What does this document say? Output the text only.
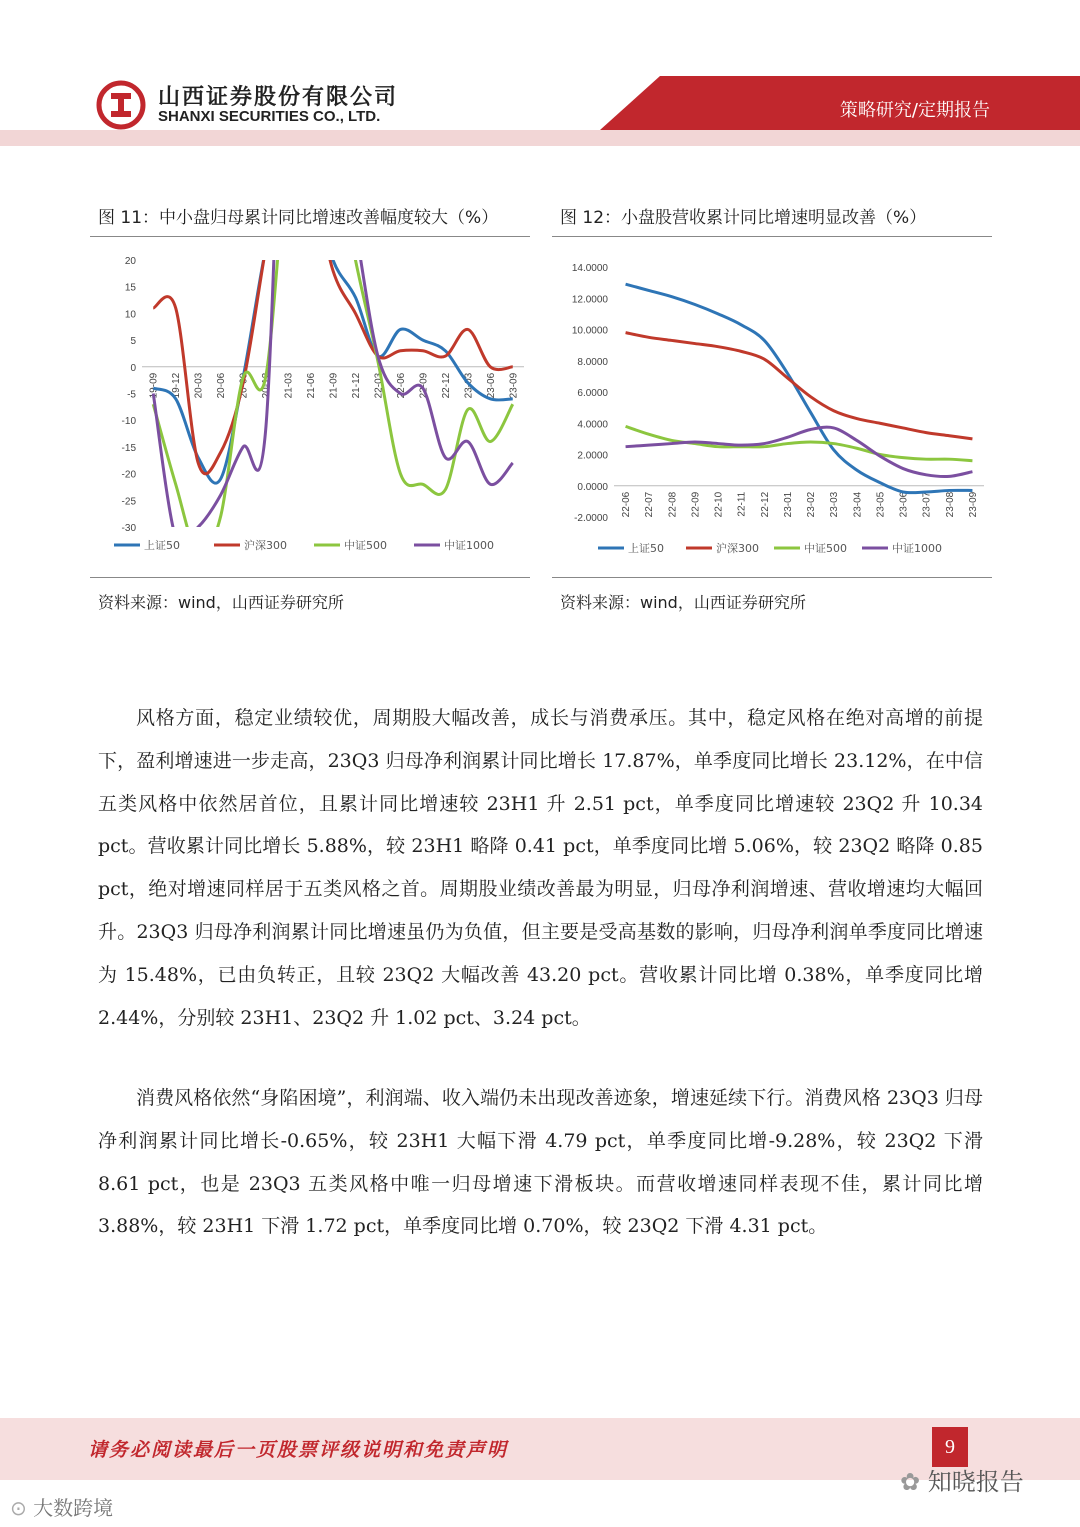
山西证券股份有限公司
SHANXI SECURITIES CO., LTD.	策略研究/定期报告
图 11：中小盘归母累计同比增速改善幅度较大（%）
20
15
10
5
0
-5
-10
-15
-20
-25
-30
19-09 19-12 20-03 20-06 20-09 20-12 21-03 21-06 21-09 21-12 22-03 22-06 22-09 22-12 23-03 23-06 23-09
上证50	沪深300	中证500	中证1000
资料来源：wind，山西证券研究所
图 12：小盘股营收累计同比增速明显改善（%）
14.0000
12.0000
10.0000
8.0000
6.0000
4.0000
2.0000
0.0000
-2.0000
22-06 22-07 22-08 22-09 22-10 22-11 22-12 23-01 23-02 23-03 23-04 23-05 23-06 23-07 23-08 23-09
上证50	沪深300	中证500	中证1000
资料来源：wind，山西证券研究所

风格方面，稳定业绩较优，周期股大幅改善，成长与消费承压。其中，稳定风格在绝对高增的前提下，盈利增速进一步走高，23Q3 归母净利润累计同比增长 17.87%，单季度同比增长 23.12%，在中信五类风格中依然居首位，且累计同比增速较 23H1 升 2.51 pct，单季度同比增速较 23Q2 升 10.34 pct。营收累计同比增长 5.88%，较 23H1 略降 0.41 pct，单季度同比增 5.06%，较 23Q2 略降 0.85 pct，绝对增速同样居于五类风格之首。周期股业绩改善最为明显，归母净利润增速、营收增速均大幅回升。23Q3 归母净利润累计同比增速虽仍为负值，但主要是受高基数的影响，归母净利润单季度同比增速为 15.48%，已由负转正，且较 23Q2 大幅改善 43.20 pct。营收累计同比增 0.38%，单季度同比增 2.44%，分别较 23H1、23Q2 升 1.02 pct、3.24 pct。

消费风格依然“身陷困境”，利润端、收入端仍未出现改善迹象，增速延续下行。消费风格 23Q3 归母净利润累计同比增长-0.65%，较 23H1 大幅下滑 4.79 pct，单季度同比增-9.28%，较 23Q2 下滑 8.61 pct，也是 23Q3 五类风格中唯一归母增速下滑板块。而营收增速同样表现不佳，累计同比增 3.88%，较 23H1 下滑 1.72 pct，单季度同比增 0.70%，较 23Q2 下滑 4.31 pct。

请务必阅读最后一页股票评级说明和免责声明	9
✿ 知晓报告
⊙ 大数跨境
